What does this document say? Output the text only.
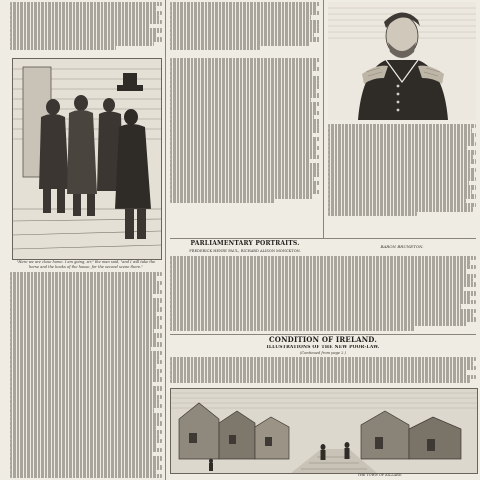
"Here we are close home. I am going, sir," the man said, "and I will take the horse and the books of the house, for the second scene there."
BARON BRUNETON.
PARLIAMENTARY PORTRAITS.
FREDERICK HENRY PAUL, RICHARD ALISON MONCKTON.
CONDITION OF IRELAND.
ILLUSTRATIONS OF THE NEW POOR-LAW.
(Continued from page 2.)
THE TOWN OF KILLARD.
